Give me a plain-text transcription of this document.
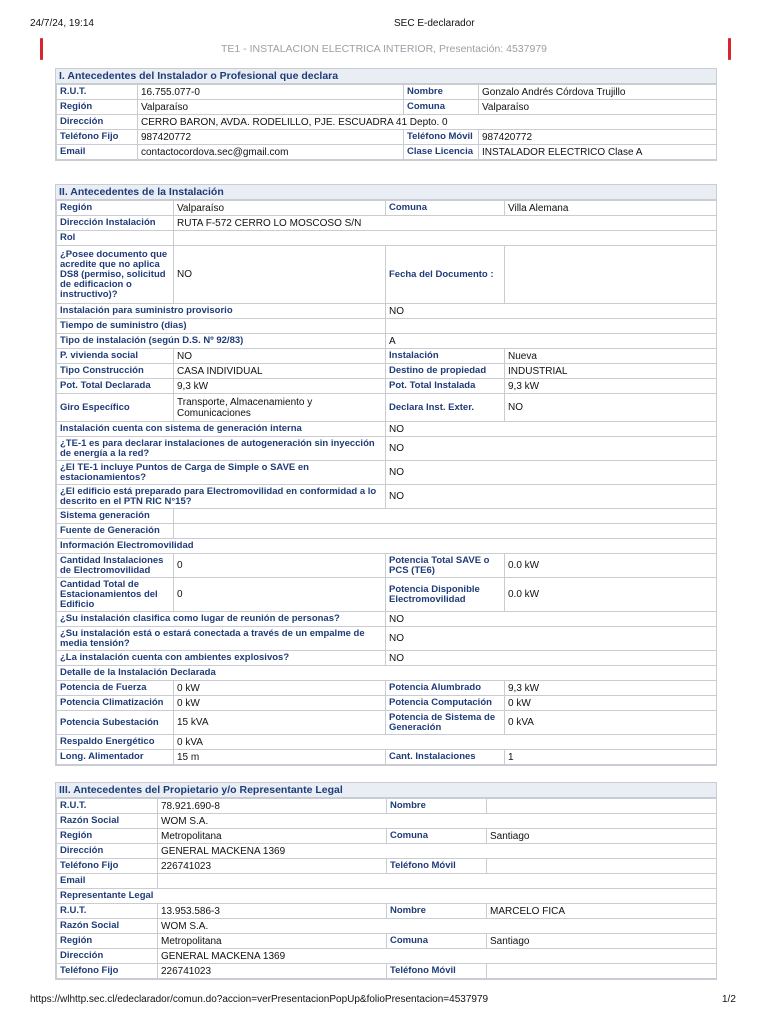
24/7/24, 19:14	SEC E-declarador
TE1 - INSTALACION ELECTRICA INTERIOR, Presentación: 4537979
I. Antecedentes del Instalador o Profesional que declara
R.U.T.	16.755.077-0	Nombre	Gonzalo Andrés Córdova Trujillo
Región	Valparaíso	Comuna	Valparaíso
Dirección	CERRO BARON, AVDA. RODELILLO, PJE. ESCUADRA 41 Depto. 0		
Teléfono Fijo	987420772	Teléfono Móvil	987420772
Email	contactocordova.sec@gmail.com	Clase Licencia	INSTALADOR ELECTRICO Clase A
II. Antecedentes de la Instalación
Región	Valparaíso	Comuna	Villa Alemana
Dirección Instalación	RUTA F-572 CERRO LO MOSCOSO S/N		
Rol			
¿Posee documento que acredite que no aplica DS8 (permiso, solicitud de edificacion o instructivo)?	NO	Fecha del Documento :	
Instalación para suministro provisorio		NO	
Tiempo de suministro (dias)			
Tipo de instalación (según D.S. Nº 92/83)		A	
P. vivienda social	NO	Instalación	Nueva
Tipo Construcción	CASA INDIVIDUAL	Destino de propiedad	INDUSTRIAL
Pot. Total Declarada	9,3 kW	Pot. Total Instalada	9,3 kW
Giro Específico	Transporte, Almacenamiento y Comunicaciones	Declara Inst. Exter.	NO
Instalación cuenta con sistema de generación interna		NO	
¿TE-1 es para declarar instalaciones de autogeneración sin inyección de energía a la red?		NO	
¿El TE-1 incluye Puntos de Carga de Simple o SAVE en estacionamientos?		NO	
¿El edificio está preparado para Electromovilidad en conformidad a lo descrito en el PTN RIC N°15?		NO	
Sistema generación			
Fuente de Generación			
Información Electromovilidad			
Cantidad Instalaciones de Electromovilidad	0	Potencia Total SAVE o PCS (TE6)	0.0 kW
Cantidad Total de Estacionamientos del Edificio	0	Potencia Disponible Electromovilidad	0.0 kW
¿Su instalación clasifica como lugar de reunión de personas?		NO	
¿Su instalación está o estará conectada a través de un empalme de media tensión?		NO	
¿La instalación cuenta con ambientes explosivos?		NO	
Detalle de la Instalación Declarada			
Potencia de Fuerza	0 kW	Potencia Alumbrado	9,3 kW
Potencia Climatización	0 kW	Potencia Computación	0 kW
Potencia Subestación	15 kVA	Potencia de Sistema de Generación	0 kVA
Respaldo Energético	0 kVA		
Long. Alimentador	15 m	Cant. Instalaciones	1
III. Antecedentes del Propietario y/o Representante Legal
R.U.T.	78.921.690-8	Nombre	
Razón Social	WOM S.A.		
Región	Metropolitana	Comuna	Santiago
Dirección	GENERAL MACKENA 1369		
Teléfono Fijo	226741023	Teléfono Móvil	
Email			
Representante Legal			
R.U.T.	13.953.586-3	Nombre	MARCELO FICA
Razón Social	WOM S.A.		
Región	Metropolitana	Comuna	Santiago
Dirección	GENERAL MACKENA 1369		
Teléfono Fijo	226741023	Teléfono Móvil	
https://wlhttp.sec.cl/edeclarador/comun.do?accion=verPresentacionPopUp&folioPresentacion=4537979	1/2
